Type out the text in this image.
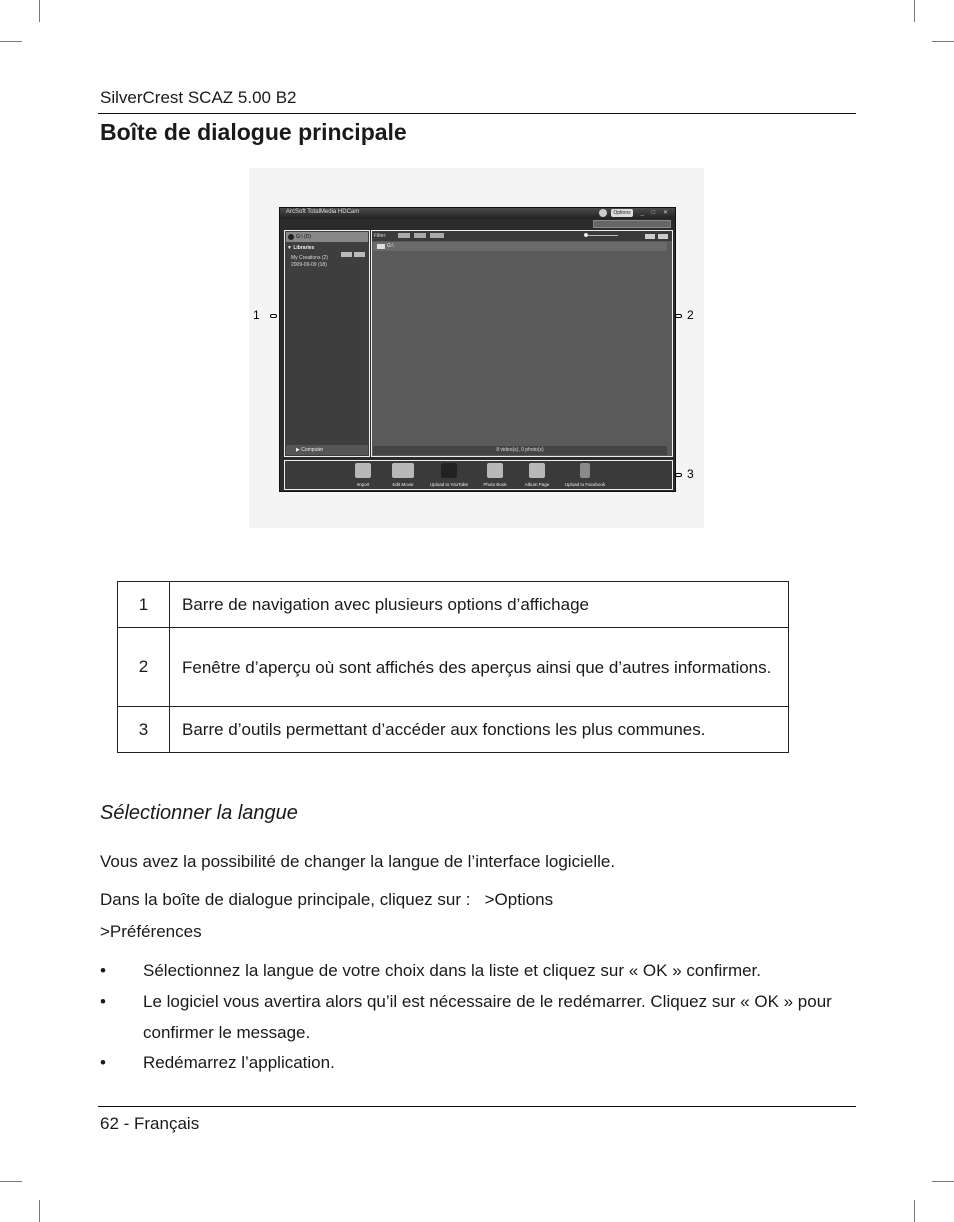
SilverCrest SCAZ 5.00 B2
Boîte de dialogue principale
ArcSoft TotalMedia HDCam	Options	_ □ ✕
G:\ (D)
▼ Libraries
My Creations (2)
2009-09-09 (18)
▶ Computer
Filter:
G:\
8 video(s), 0 photo(s)
Import	Edit Movie	Upload to YouTube	Photo Book	Album Page	Upload to Facebook
1	2
3
1	Barre de navigation avec plusieurs options d’affichage
2	Fenêtre d’aperçu où sont affichés des aperçus ainsi que d’autres informations.
3	Barre d’outils permettant d’accéder aux fonctions les plus communes.
Sélectionner la langue
Vous avez la possibilité de changer la langue de l’interface logicielle.
Dans la boîte de dialogue principale, cliquez sur :   >Options
>Préférences
• Sélectionnez la langue de votre choix dans la liste et cliquez sur « OK » confirmer.
• Le logiciel vous avertira alors qu’il est nécessaire de le redémarrer. Cliquez sur « OK » pour confirmer le message.
• Redémarrez l’application.
62 - Français
